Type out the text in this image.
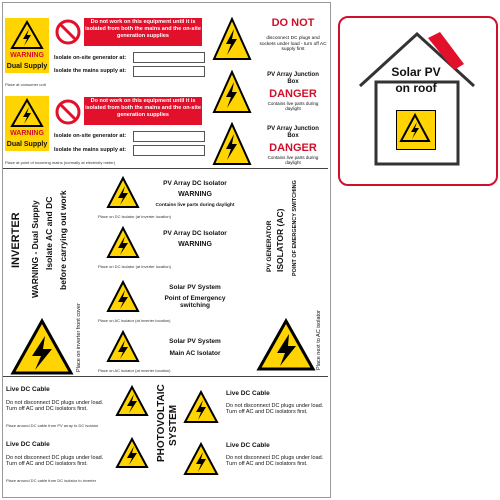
WARNING
Dual Supply
Do not work on this equipment until it is isolated from both the mains and the on-site generation supplies
Isolate on-site generator at:
Isolate the mains supply at:
Place at consumer unit
DO NOT
disconnect DC plugs and sockets under load - turn off AC supply first
PV Array Junction Box
DANGER
Contains live parts during daylight
WARNING
Dual Supply
Do not work on this equipment until it is isolated from both the mains and the on-site generation supplies
Isolate on-site generator at:
Isolate the mains supply at:
Place at point of incoming mains (normally at electricity meter)
PV Array Junction Box
DANGER
Contains live parts during daylight
INVERTER WARNING - Dual Supply Isolate AC and DC before carrying out work
Place on inverter front cover
PV Array DC Isolator
WARNING
Contains live parts during daylight
Place on DC isolator (at inverter location)
PV Array DC Isolator
WARNING
Place on DC isolator (at inverter location)
Solar PV System
Point of Emergency switching
Place on AC isolator (at inverter location)
Solar PV System
Main AC Isolator
Place on AC isolator (at inverter location)
PV GENERATOR ISOLATOR (AC) POINT OF EMERGENCY SWITCHING
Place next to AC isolator
Live DC Cable
Do not disconnect DC plugs under load. Turn off AC and DC isolators first.
Place around DC cable from PV array to DC isolator
Live DC Cable
Do not disconnect DC plugs under load. Turn off AC and DC isolators first.
Place around DC cable from DC isolator to inverter
PHOTOVOLTAIC SYSTEM
Live DC Cable
Do not disconnect DC plugs under load. Turn off AC and DC isolators first.
Live DC Cable
Do not disconnect DC plugs under load. Turn off AC and DC isolators first.
Solar PV
on roof
